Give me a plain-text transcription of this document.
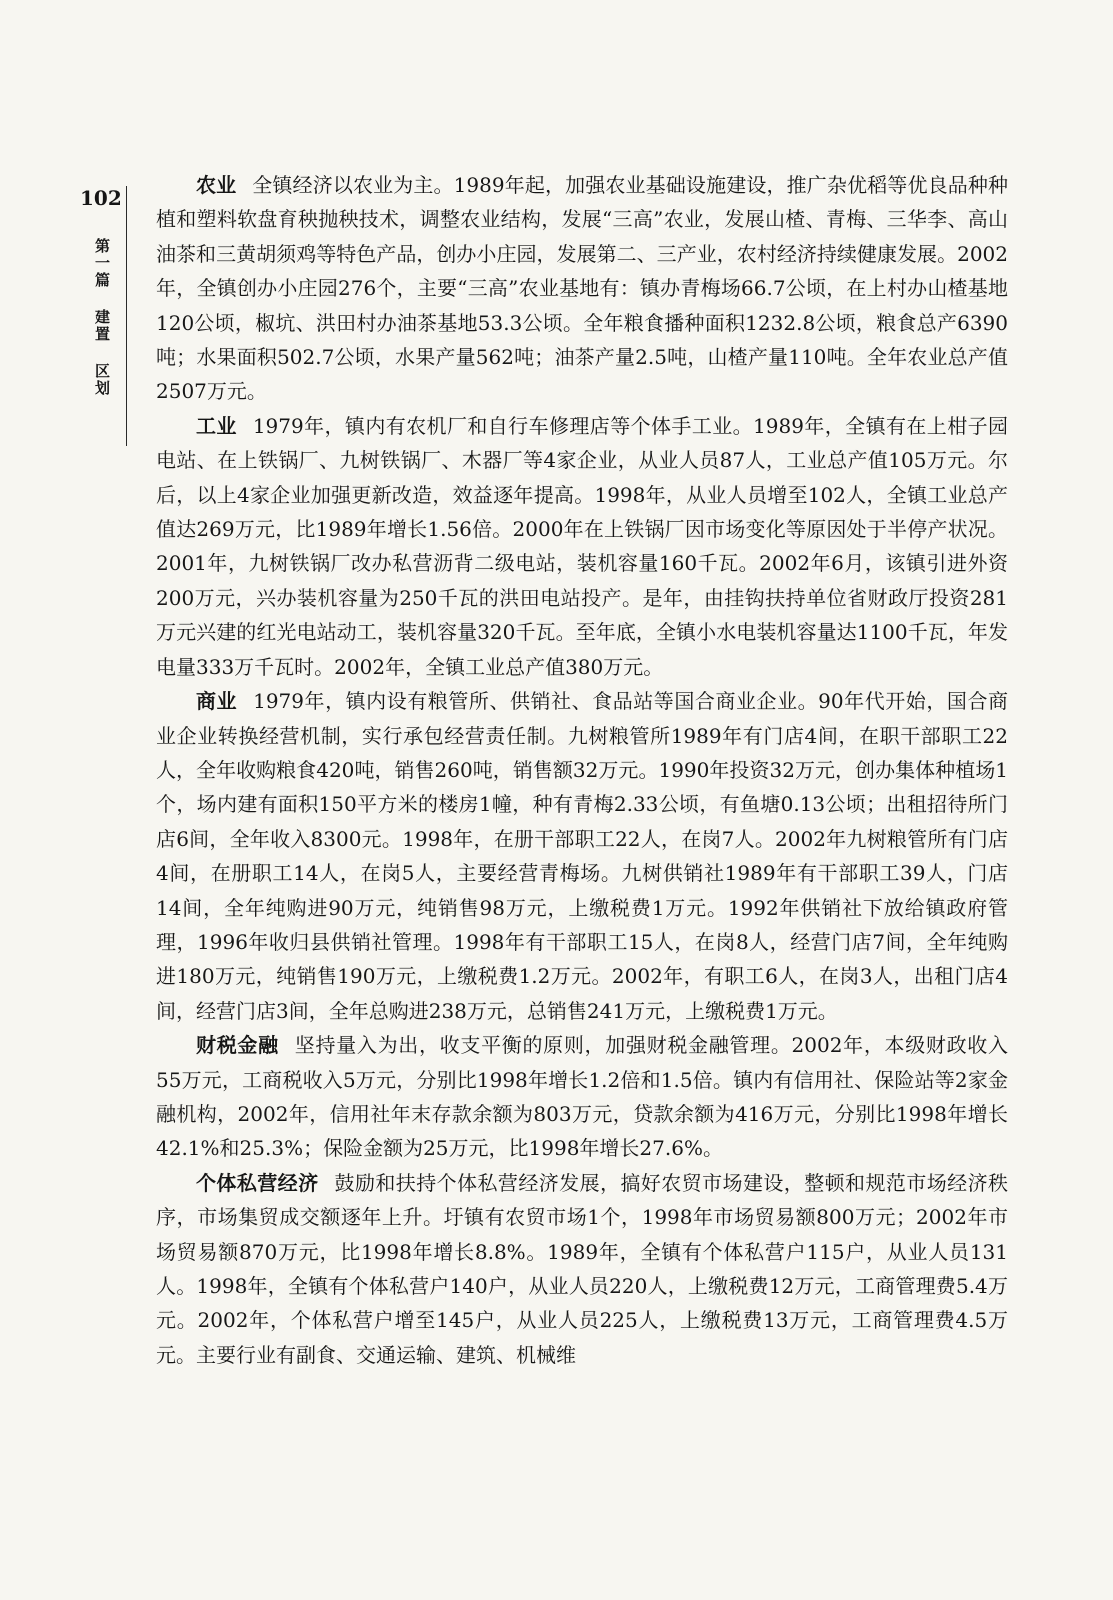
102
第一篇 建置 区划

农业 全镇经济以农业为主。1989年起，加强农业基础设施建设，推广杂优稻等优良品种种植和塑料软盘育秧抛秧技术，调整农业结构，发展“三高”农业，发展山楂、青梅、三华李、高山油茶和三黄胡须鸡等特色产品，创办小庄园，发展第二、三产业，农村经济持续健康发展。2002年，全镇创办小庄园276个，主要“三高”农业基地有：镇办青梅场66.7公顷，在上村办山楂基地120公顷，椒坑、洪田村办油茶基地53.3公顷。全年粮食播种面积1232.8公顷，粮食总产6390吨；水果面积502.7公顷，水果产量562吨；油茶产量2.5吨，山楂产量110吨。全年农业总产值2507万元。

工业 1979年，镇内有农机厂和自行车修理店等个体手工业。1989年，全镇有在上柑子园电站、在上铁锅厂、九树铁锅厂、木器厂等4家企业，从业人员87人，工业总产值105万元。尔后，以上4家企业加强更新改造，效益逐年提高。1998年，从业人员增至102人，全镇工业总产值达269万元，比1989年增长1.56倍。2000年在上铁锅厂因市场变化等原因处于半停产状况。2001年，九树铁锅厂改办私营沥背二级电站，装机容量160千瓦。2002年6月，该镇引进外资200万元，兴办装机容量为250千瓦的洪田电站投产。是年，由挂钩扶持单位省财政厅投资281万元兴建的红光电站动工，装机容量320千瓦。至年底，全镇小水电装机容量达1100千瓦，年发电量333万千瓦时。2002年，全镇工业总产值380万元。

商业 1979年，镇内设有粮管所、供销社、食品站等国合商业企业。90年代开始，国合商业企业转换经营机制，实行承包经营责任制。九树粮管所1989年有门店4间，在职干部职工22人，全年收购粮食420吨，销售260吨，销售额32万元。1990年投资32万元，创办集体种植场1个，场内建有面积150平方米的楼房1幢，种有青梅2.33公顷，有鱼塘0.13公顷；出租招待所门店6间，全年收入8300元。1998年，在册干部职工22人，在岗7人。2002年九树粮管所有门店4间，在册职工14人，在岗5人，主要经营青梅场。九树供销社1989年有干部职工39人，门店14间，全年纯购进90万元，纯销售98万元，上缴税费1万元。1992年供销社下放给镇政府管理，1996年收归县供销社管理。1998年有干部职工15人，在岗8人，经营门店7间，全年纯购进180万元，纯销售190万元，上缴税费1.2万元。2002年，有职工6人，在岗3人，出租门店4间，经营门店3间，全年总购进238万元，总销售241万元，上缴税费1万元。

财税金融 坚持量入为出，收支平衡的原则，加强财税金融管理。2002年，本级财政收入55万元，工商税收入5万元，分别比1998年增长1.2倍和1.5倍。镇内有信用社、保险站等2家金融机构，2002年，信用社年末存款余额为803万元，贷款余额为416万元，分别比1998年增长42.1%和25.3%；保险金额为25万元，比1998年增长27.6%。

个体私营经济 鼓励和扶持个体私营经济发展，搞好农贸市场建设，整顿和规范市场经济秩序，市场集贸成交额逐年上升。圩镇有农贸市场1个，1998年市场贸易额800万元；2002年市场贸易额870万元，比1998年增长8.8%。1989年，全镇有个体私营户115户，从业人员131人。1998年，全镇有个体私营户140户，从业人员220人，上缴税费12万元，工商管理费5.4万元。2002年，个体私营户增至145户，从业人员225人，上缴税费13万元，工商管理费4.5万元。主要行业有副食、交通运输、建筑、机械维
